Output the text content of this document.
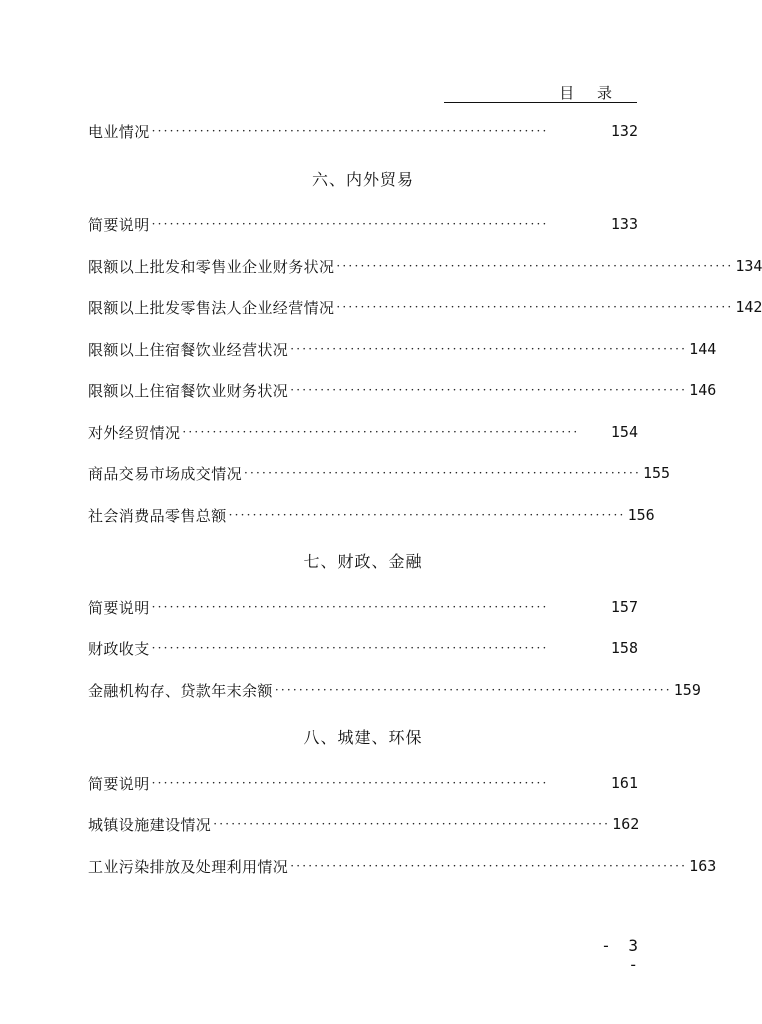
目 录
电业情况 ··································································	132
六、内外贸易
简要说明 ··································································	133
限额以上批发和零售业企业财务状况 ·································································· 134
限额以上批发零售法人企业经营情况 ·································································· 142
限额以上住宿餐饮业经营状况 ·································································· 144
限额以上住宿餐饮业财务状况 ·································································· 146
对外经贸情况 ··································································	154
商品交易市场成交情况 ·································································· 155
社会消费品零售总额 ·································································· 156
七、财政、金融
简要说明 ··································································	157
财政收支 ··································································	158
金融机构存、贷款年末余额 ·································································· 159
八、城建、环保
简要说明 ··································································	161
城镇设施建设情况 ·································································· 162
工业污染排放及处理利用情况 ·································································· 163
- 3 -
